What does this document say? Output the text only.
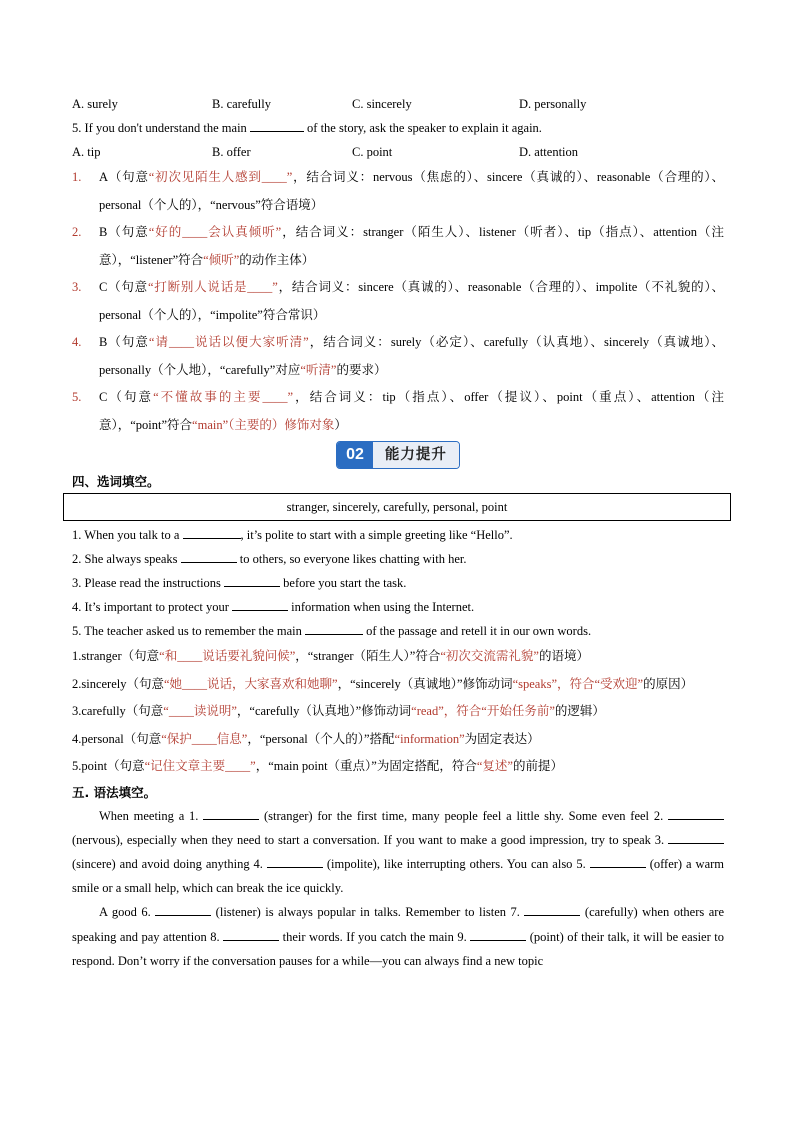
A. surely	B. carefully	C. sincerely	D. personally
5. If you don't understand the main	of the story, ask the speaker to explain it again.
A. tip	B. offer	C. point	D. attention
1.	A（句意“初次见陌生人感到____”，结合词义：nervous（焦虑的）、sincere（真诚的）、reasonable（合理的）、personal（个人的），“nervous”符合语境）
2.	B（句意“好的____会认真倾听”，结合词义：stranger（陌生人）、listener（听者）、tip（指点）、attention（注意），“listener”符合“倾听”的动作主体）
3.	C（句意“打断别人说话是____”，结合词义：sincere（真诚的）、reasonable（合理的）、impolite（不礼貌的）、personal（个人的），“impolite”符合常识）
4.	B（句意“请____说话以便大家听清”，结合词义：surely（必定）、carefully（认真地）、sincerely（真诚地）、personally（个人地），“carefully”对应“听清”的要求）
5.	C（句意“不懂故事的主要____”，结合词义：tip（指点）、offer（提议）、point（重点）、attention（注意），“point”符合“main”（主要的）修饰对象）
02	能力提升
四、选词填空。
stranger, sincerely, carefully, personal, point
1. When you talk to a	, it’s polite to start with a simple greeting like “Hello”.
2. She always speaks	to others, so everyone likes chatting with her.
3. Please read the instructions	before you start the task.
4. It’s important to protect your	information when using the Internet.
5. The teacher asked us to remember the main	of the passage and retell it in our own words.
1.stranger（句意“和____说话要礼貌问候”，“stranger（陌生人）”符合“初次交流需礼貌”的语境）
2.sincerely（句意“她____说话，大家喜欢和她聊”，“sincerely（真诚地）”修饰动词“speaks”，符合“受欢迎”的原因）
3.carefully（句意“____读说明”，“carefully（认真地）”修饰动词“read”，符合“开始任务前”的逻辑）
4.personal（句意“保护____信息”，“personal（个人的）”搭配“information”为固定表达）
5.point（句意“记住文章主要____”，“main point（重点）”为固定搭配，符合“复述”的前提）
五. 语法填空。
When meeting a 1.	(stranger) for the first time, many people feel a little shy. Some even feel 2.  (nervous), especially when they need to start a conversation. If you want to make a good impression, try to speak 3.  (sincere) and avoid doing anything 4.	(impolite), like interrupting others. You can also 5.	(offer) a warm smile or a small help, which can break the ice quickly.
A good 6.	(listener) is always popular in talks. Remember to listen 7.	(carefully) when others are speaking and pay attention 8.	their words. If you catch the main 9.	(point) of their talk, it will be easier to respond. Don’t worry if the conversation pauses for a while—you can always find a new topic
